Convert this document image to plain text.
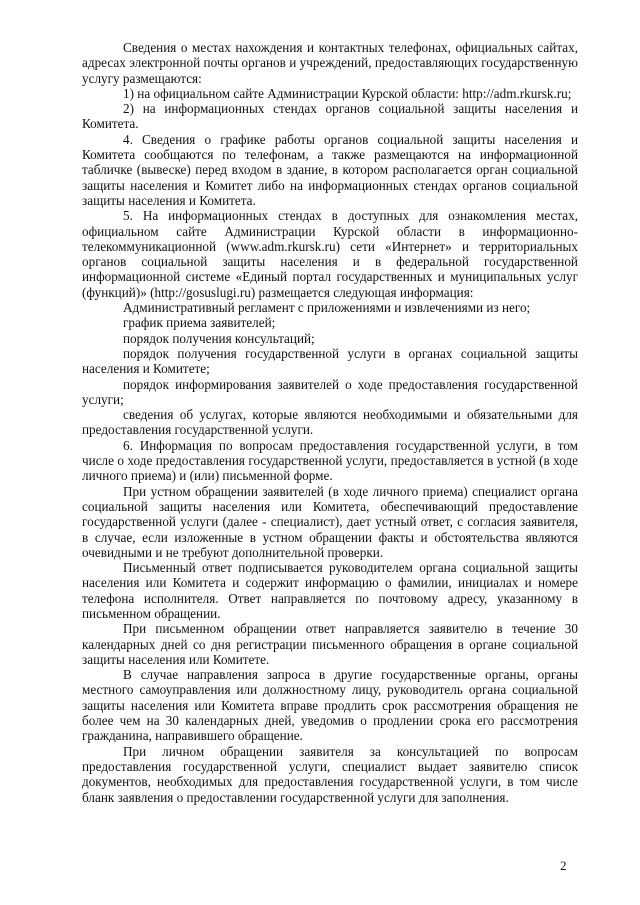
Сведения о местах нахождения и контактных телефонах, официальных сайтах, адресах электронной почты органов и учреждений, предоставляющих государственную услугу размещаются:

1) на официальном сайте Администрации Курской области: http://adm.rkursk.ru;

2) на информационных стендах органов социальной защиты населения и Комитета.

4. Сведения о графике работы органов социальной защиты населения и Комитета сообщаются по телефонам, а также размещаются на информационной табличке (вывеске) перед входом в здание, в котором располагается орган социальной защиты населения и Комитет либо на информационных стендах органов социальной защиты населения и Комитета.

5. На информационных стендах в доступных для ознакомления местах, официальном сайте Администрации Курской области в информационно-телекоммуникационной (www.adm.rkursk.ru) сети «Интернет» и территориальных органов социальной защиты населения и в федеральной государственной информационной системе «Единый портал государственных и муниципальных услуг (функций)» (http://gosuslugi.ru) размещается следующая информация:

Административный регламент с приложениями и извлечениями из него;

график приема заявителей;

порядок получения консультаций;

порядок получения государственной услуги в органах социальной защиты населения и Комитете;

порядок информирования заявителей о ходе предоставления государственной услуги;

сведения об услугах, которые являются необходимыми и обязательными для предоставления государственной услуги.

6. Информация по вопросам предоставления государственной услуги, в том числе о ходе предоставления государственной услуги, предоставляется в устной (в ходе личного приема) и (или) письменной форме.

При устном обращении заявителей (в ходе личного приема) специалист органа социальной защиты населения или Комитета, обеспечивающий предоставление государственной услуги (далее - специалист), дает устный ответ, с согласия заявителя, в случае, если изложенные в устном обращении факты и обстоятельства являются очевидными и не требуют дополнительной проверки.

Письменный ответ подписывается руководителем органа социальной защиты населения или Комитета и содержит информацию о фамилии, инициалах и номере телефона исполнителя. Ответ направляется по почтовому адресу, указанному в письменном обращении.

При письменном обращении ответ направляется заявителю в течение 30 календарных дней со дня регистрации письменного обращения в органе социальной защиты населения или Комитете.

В случае направления запроса в другие государственные органы, органы местного самоуправления или должностному лицу, руководитель органа социальной защиты населения или Комитета вправе продлить срок рассмотрения обращения не более чем на 30 календарных дней, уведомив о продлении срока его рассмотрения гражданина, направившего обращение.

При личном обращении заявителя за консультацией по вопросам предоставления государственной услуги, специалист выдает заявителю список документов, необходимых для предоставления государственной услуги, в том числе бланк заявления о предоставлении государственной услуги для заполнения.

2
